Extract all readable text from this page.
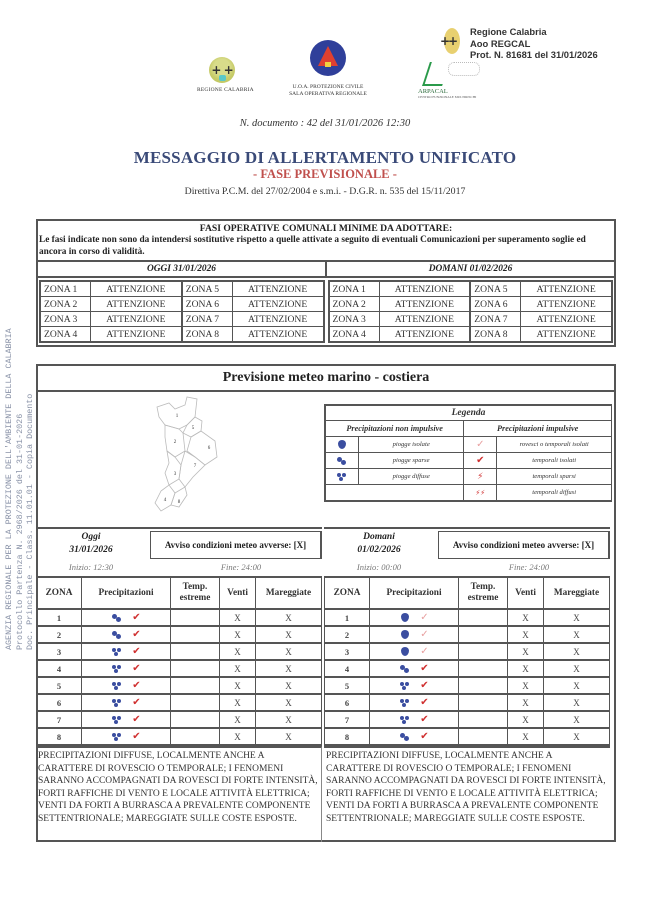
AGENZIA REGIONALE PER LA PROTEZIONE DELL'AMBIENTE DELLA CALABRIA Protocollo Partenza N. 2968/2026 del 31-01-2026 Doc. Principale - Class. 11.01.01 - Copia Documento
+ +
REGIONE CALABRIA	U.O.A. PROTEZIONE CIVILE
SALA OPERATIVA REGIONALE	ARPACAL
CENTRO FUNZIONALE MULTIRISCHI
++
Regione Calabria
Aoo REGCAL
Prot. N. 81681 del 31/01/2026
N. documento : 42 del 31/01/2026 12:30
MESSAGGIO DI ALLERTAMENTO UNIFICATO
- FASE PREVISIONALE -
Direttiva P.C.M. del 27/02/2004 e s.m.i. - D.G.R. n. 535 del 15/11/2017
FASI OPERATIVE COMUNALI MINIME DA ADOTTARE:
Le fasi indicate non sono da intendersi sostitutive rispetto a quelle attivate a seguito di eventuali Comunicazioni per superamento soglie ed ancora in corso di validità.
OGGI 31/01/2026	DOMANI 01/02/2026
ZONA 1	ATTENZIONE	ZONA 5	ATTENZIONE
ZONA 2	ATTENZIONE	ZONA 6	ATTENZIONE
ZONA 3	ATTENZIONE	ZONA 7	ATTENZIONE
ZONA 4	ATTENZIONE	ZONA 8	ATTENZIONE
ZONA 1	ATTENZIONE	ZONA 5	ATTENZIONE
ZONA 2	ATTENZIONE	ZONA 6	ATTENZIONE
ZONA 3	ATTENZIONE	ZONA 7	ATTENZIONE
ZONA 4	ATTENZIONE	ZONA 8	ATTENZIONE
Previsione meteo marino - costiera
1
2
3
4
5
6
7
8
Legenda			
Precipitazioni non impulsive		Precipitazioni impulsive	

	piogge isolate	✓	rovesci o temporali isolati

	piogge sparse	✔	temporali isolati

	piogge diffuse	⚡	temporali sparsi
		⚡⚡	temporali diffusi
Oggi
31/01/2026	Avviso condizioni meteo avverse: [X]
Inizio: 12:30	Fine: 24:00
ZONA	Precipitazioni	Temp. estreme	Venti	Mareggiate
1	✔		X	X
2	✔		X	X
3	✔		X	X
4	✔		X	X
5	✔		X	X
6	✔		X	X
7	✔		X	X
8	✔		X	X
PRECIPITAZIONI DIFFUSE, LOCALMENTE ANCHE A CARATTERE DI ROVESCIO O TEMPORALE; I FENOMENI SARANNO ACCOMPAGNATI DA ROVESCI DI FORTE INTENSITÀ, FORTI RAFFICHE DI VENTO E LOCALE ATTIVITÀ ELETTRICA; VENTI DA FORTI A BURRASCA A PREVALENTE COMPONENTE SETTENTRIONALE; MAREGGIATE SULLE COSTE ESPOSTE.
Domani
01/02/2026	Avviso condizioni meteo avverse: [X]
Inizio: 00:00	Fine: 24:00
ZONA	Precipitazioni	Temp. estreme	Venti	Mareggiate
1	✓		X	X
2	✓		X	X
3	✓		X	X
4	✔		X	X
5	✔		X	X
6	✔		X	X
7	✔		X	X
8	✔		X	X
PRECIPITAZIONI DIFFUSE, LOCALMENTE ANCHE A CARATTERE DI ROVESCIO O TEMPORALE; I FENOMENI SARANNO ACCOMPAGNATI DA ROVESCI DI FORTE INTENSITÀ, FORTI RAFFICHE DI VENTO E LOCALE ATTIVITÀ ELETTRICA; VENTI DA FORTI A BURRASCA A PREVALENTE COMPONENTE SETTENTRIONALE; MAREGGIATE SULLE COSTE ESPOSTE.
